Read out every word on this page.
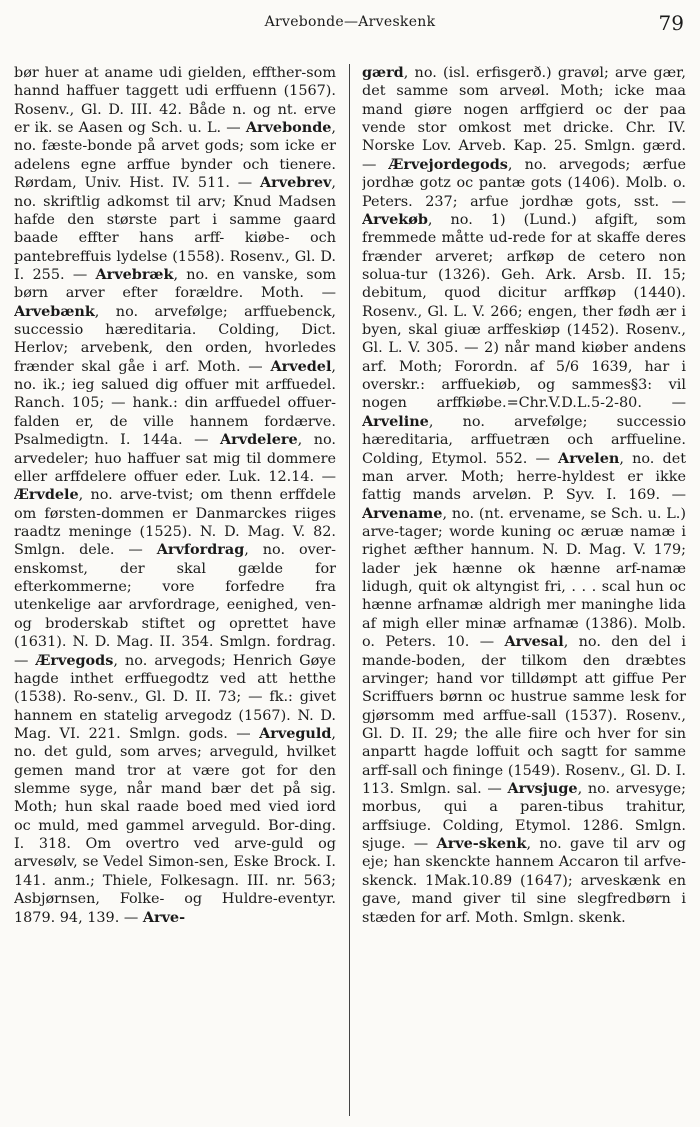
Arvebonde—Arveskenk	79

bør huer at aname udi gielden, effther-som hannd haffuer taggett udi erffuenn (1567). Rosenv., Gl. D. III. 42. Både n. og nt. erve er ik. se Aasen og Sch. u. L. — Arvebonde, no. fæste-bonde på arvet gods; som icke er adelens egne arffue bynder och tienere. Rørdam, Univ. Hist. IV. 511. — Arvebrev, no. skriftlig adkomst til arv; Knud Madsen hafde den største part i samme gaard baade effter hans arff- kiøbe- och pantebreffuis lydelse (1558). Rosenv., Gl. D. I. 255. — Arvebræk, no. en vanske, som børn arver efter forældre. Moth. — Arvebænk, no. arvefølge; arffuebenck, successio hæreditaria. Colding, Dict. Herlov; arvebenk, den orden, hvorledes frænder skal gåe i arf. Moth. — Arvedel, no. ik.; ieg salued dig offuer mit arffuedel. Ranch. 105; — hank.: din arffuedel offuer-falden er, de ville hannem fordærve. Psalmedigtn. I. 144a. — Arvdelere, no. arvedeler; huo haffuer sat mig til dommere eller arffdelere offuer eder. Luk. 12.14. — Ærvdele, no. arve-tvist; om thenn erffdele om førsten-dommen er Danmarckes riiges raadtz meninge (1525). N. D. Mag. V. 82. Smlgn. dele. — Arvfordrag, no. over-enskomst, der skal gælde for efterkommerne; vore forfedre fra utenkelige aar arvfordrage, eenighed, ven- og broderskab stiftet og oprettet have (1631). N. D. Mag. II. 354. Smlgn. fordrag. — Ærvegods, no. arvegods; Henrich Gøye hagde inthet erffuegodtz ved att hetthe (1538). Ro-senv., Gl. D. II. 73; — fk.: givet hannem en statelig arvegodz (1567). N. D. Mag. VI. 221. Smlgn. gods. — Arveguld, no. det guld, som arves; arveguld, hvilket gemen mand tror at være got for den slemme syge, når mand bær det på sig. Moth; hun skal raade boed med vied iord oc muld, med gammel arveguld. Bor-ding. I. 318. Om overtro ved arve-guld og arvesølv, se Vedel Simon-sen, Eske Brock. I. 141. anm.; Thiele, Folkesagn. III. nr. 563; Asbjørnsen, Folke- og Huldre-eventyr. 1879. 94, 139. — Arve-

gærd, no. (isl. erfisgerð.) gravøl; arve gær, det samme som arveøl. Moth; icke maa mand giøre nogen arffgierd oc der paa vende stor omkost met dricke. Chr. IV. Norske Lov. Arveb. Kap. 25. Smlgn. gærd. — Ærvejordegods, no. arvegods; ærfue jordhæ gotz oc pantæ gots (1406). Molb. o. Peters. 237; arfue jordhæ gots, sst. — Arvekøb, no. 1) (Lund.) afgift, som fremmede måtte ud-rede for at skaffe deres frænder arveret; arfkøp de cetero non solua-tur (1326). Geh. Ark. Arsb. II. 15; debitum, quod dicitur arffkøp (1440). Rosenv., Gl. L. V. 266; engen, ther fødh ær i byen, skal giuæ arffeskiøp (1452). Rosenv., Gl. L. V. 305. — 2) når mand kiøber andens arf. Moth; Forordn. af 5/6 1639, har i overskr.: arffuekiøb, og sammes§3: vil nogen arffkiøbe.=Chr.V.D.L.5-2-80. — Arveline, no. arvefølge; successio hæreditaria, arffuetræn och arffueline. Colding, Etymol. 552. — Arvelen, no. det man arver. Moth; herre-hyldest er ikke fattig mands arveløn. P. Syv. I. 169. — Arvename, no. (nt. ervename, se Sch. u. L.) arve-tager; worde kuning oc æruæ namæ i righet æfther hannum. N. D. Mag. V. 179; lader jek hænne ok hænne arf-namæ lidugh, quit ok altyngist fri, . . . scal hun oc hænne arfnamæ aldrigh mer maninghe lida af migh eller minæ arfnamæ (1386). Molb. o. Peters. 10. — Arvesal, no. den del i mande-boden, der tilkom den dræbtes arvinger; hand vor tilldømpt att giffue Per Scriffuers børnn oc hustrue samme lesk for gjørsomm med arffue-sall (1537). Rosenv., Gl. D. II. 29; the alle fiire och hver for sin anpartt hagde loffuit och sagtt for samme arff-sall och fininge (1549). Rosenv., Gl. D. I. 113. Smlgn. sal. — Arvsjuge, no. arvesyge; morbus, qui a paren-tibus trahitur, arffsiuge. Colding, Etymol. 1286. Smlgn. sjuge. — Arve-skenk, no. gave til arv og eje; han skenckte hannem Accaron til arfve-skenck. 1Mak.10.89 (1647); arveskænk en gave, mand giver til sine slegfredbørn i stæden for arf. Moth. Smlgn. skenk.
